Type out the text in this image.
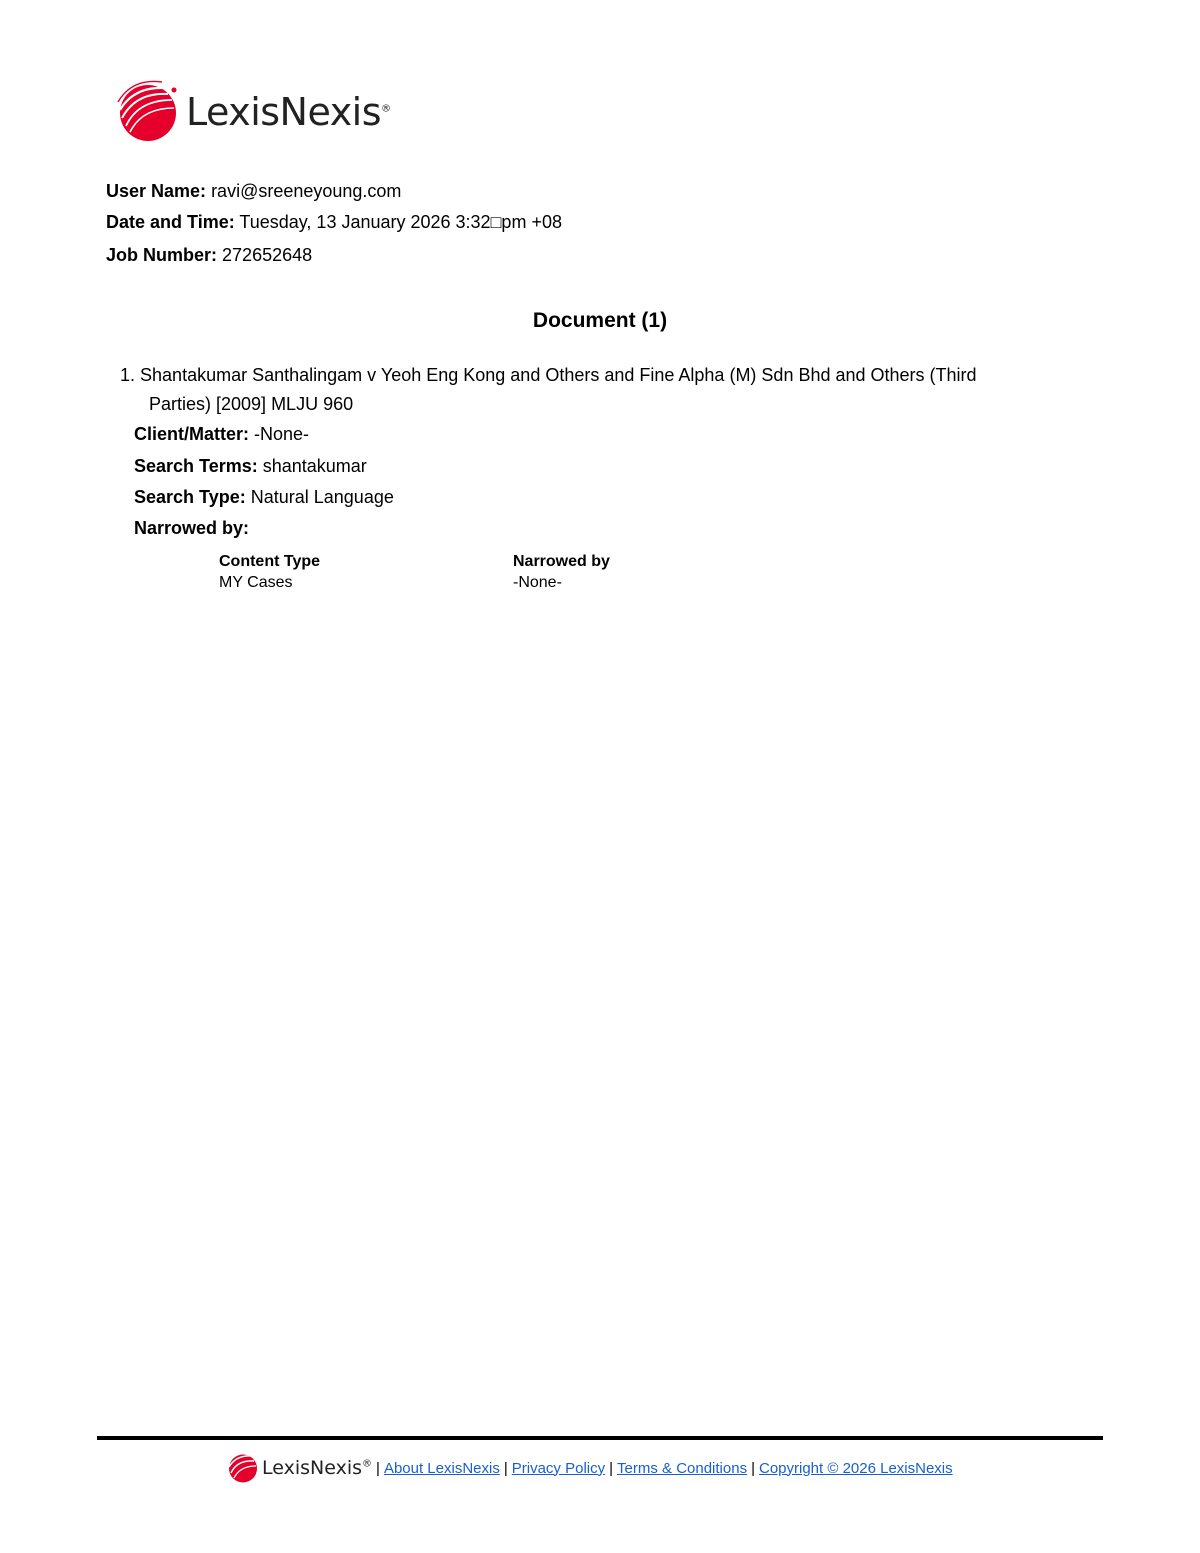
LexisNexis®
User Name: ravi@sreeneyoung.com
Date and Time: Tuesday, 13 January 2026 3:32□pm +08
Job Number: 272652648
Document (1)
1. Shantakumar Santhalingam v Yeoh Eng Kong and Others and Fine Alpha (M) Sdn Bhd and Others (Third
Parties) [2009] MLJU 960
Client/Matter: -None-
Search Terms: shantakumar
Search Type: Natural Language
Narrowed by:
Content Type
MY Cases
Narrowed by
-None-
LexisNexis® | About LexisNexis | Privacy Policy | Terms & Conditions | Copyright © 2026 LexisNexis
